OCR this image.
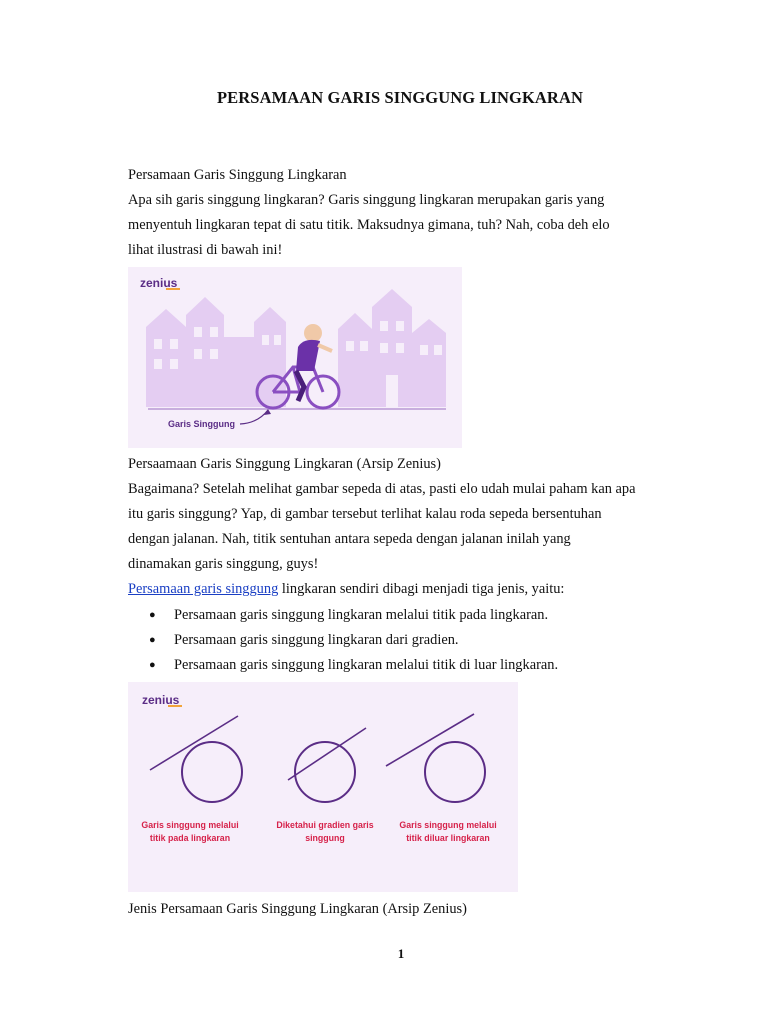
PERSAMAAN GARIS SINGGUNG LINGKARAN
Persamaan Garis Singgung Lingkaran
Apa sih garis singgung lingkaran? Garis singgung lingkaran merupakan garis yang
menyentuh lingkaran tepat di satu titik. Maksudnya gimana, tuh? Nah, coba deh elo
lihat ilustrasi di bawah ini!
zenius
Garis Singgung
Persaamaan Garis Singgung Lingkaran (Arsip Zenius)
Bagaimana? Setelah melihat gambar sepeda di atas, pasti elo udah mulai paham kan apa
itu garis singgung? Yap, di gambar tersebut terlihat kalau roda sepeda bersentuhan
dengan jalanan. Nah, titik sentuhan antara sepeda dengan jalanan inilah yang
dinamakan garis singgung, guys!
Persamaan garis singgung lingkaran sendiri dibagi menjadi tiga jenis, yaitu:
● Persamaan garis singgung lingkaran melalui titik pada lingkaran.
● Persamaan garis singgung lingkaran dari gradien.
● Persamaan garis singgung lingkaran melalui titik di luar lingkaran.
zenius
Garis singgung melalui
titik pada lingkaran
Diketahui gradien garis
singgung
Garis singgung melalui
titik diluar lingkaran
Jenis Persamaan Garis Singgung Lingkaran (Arsip Zenius)
1
